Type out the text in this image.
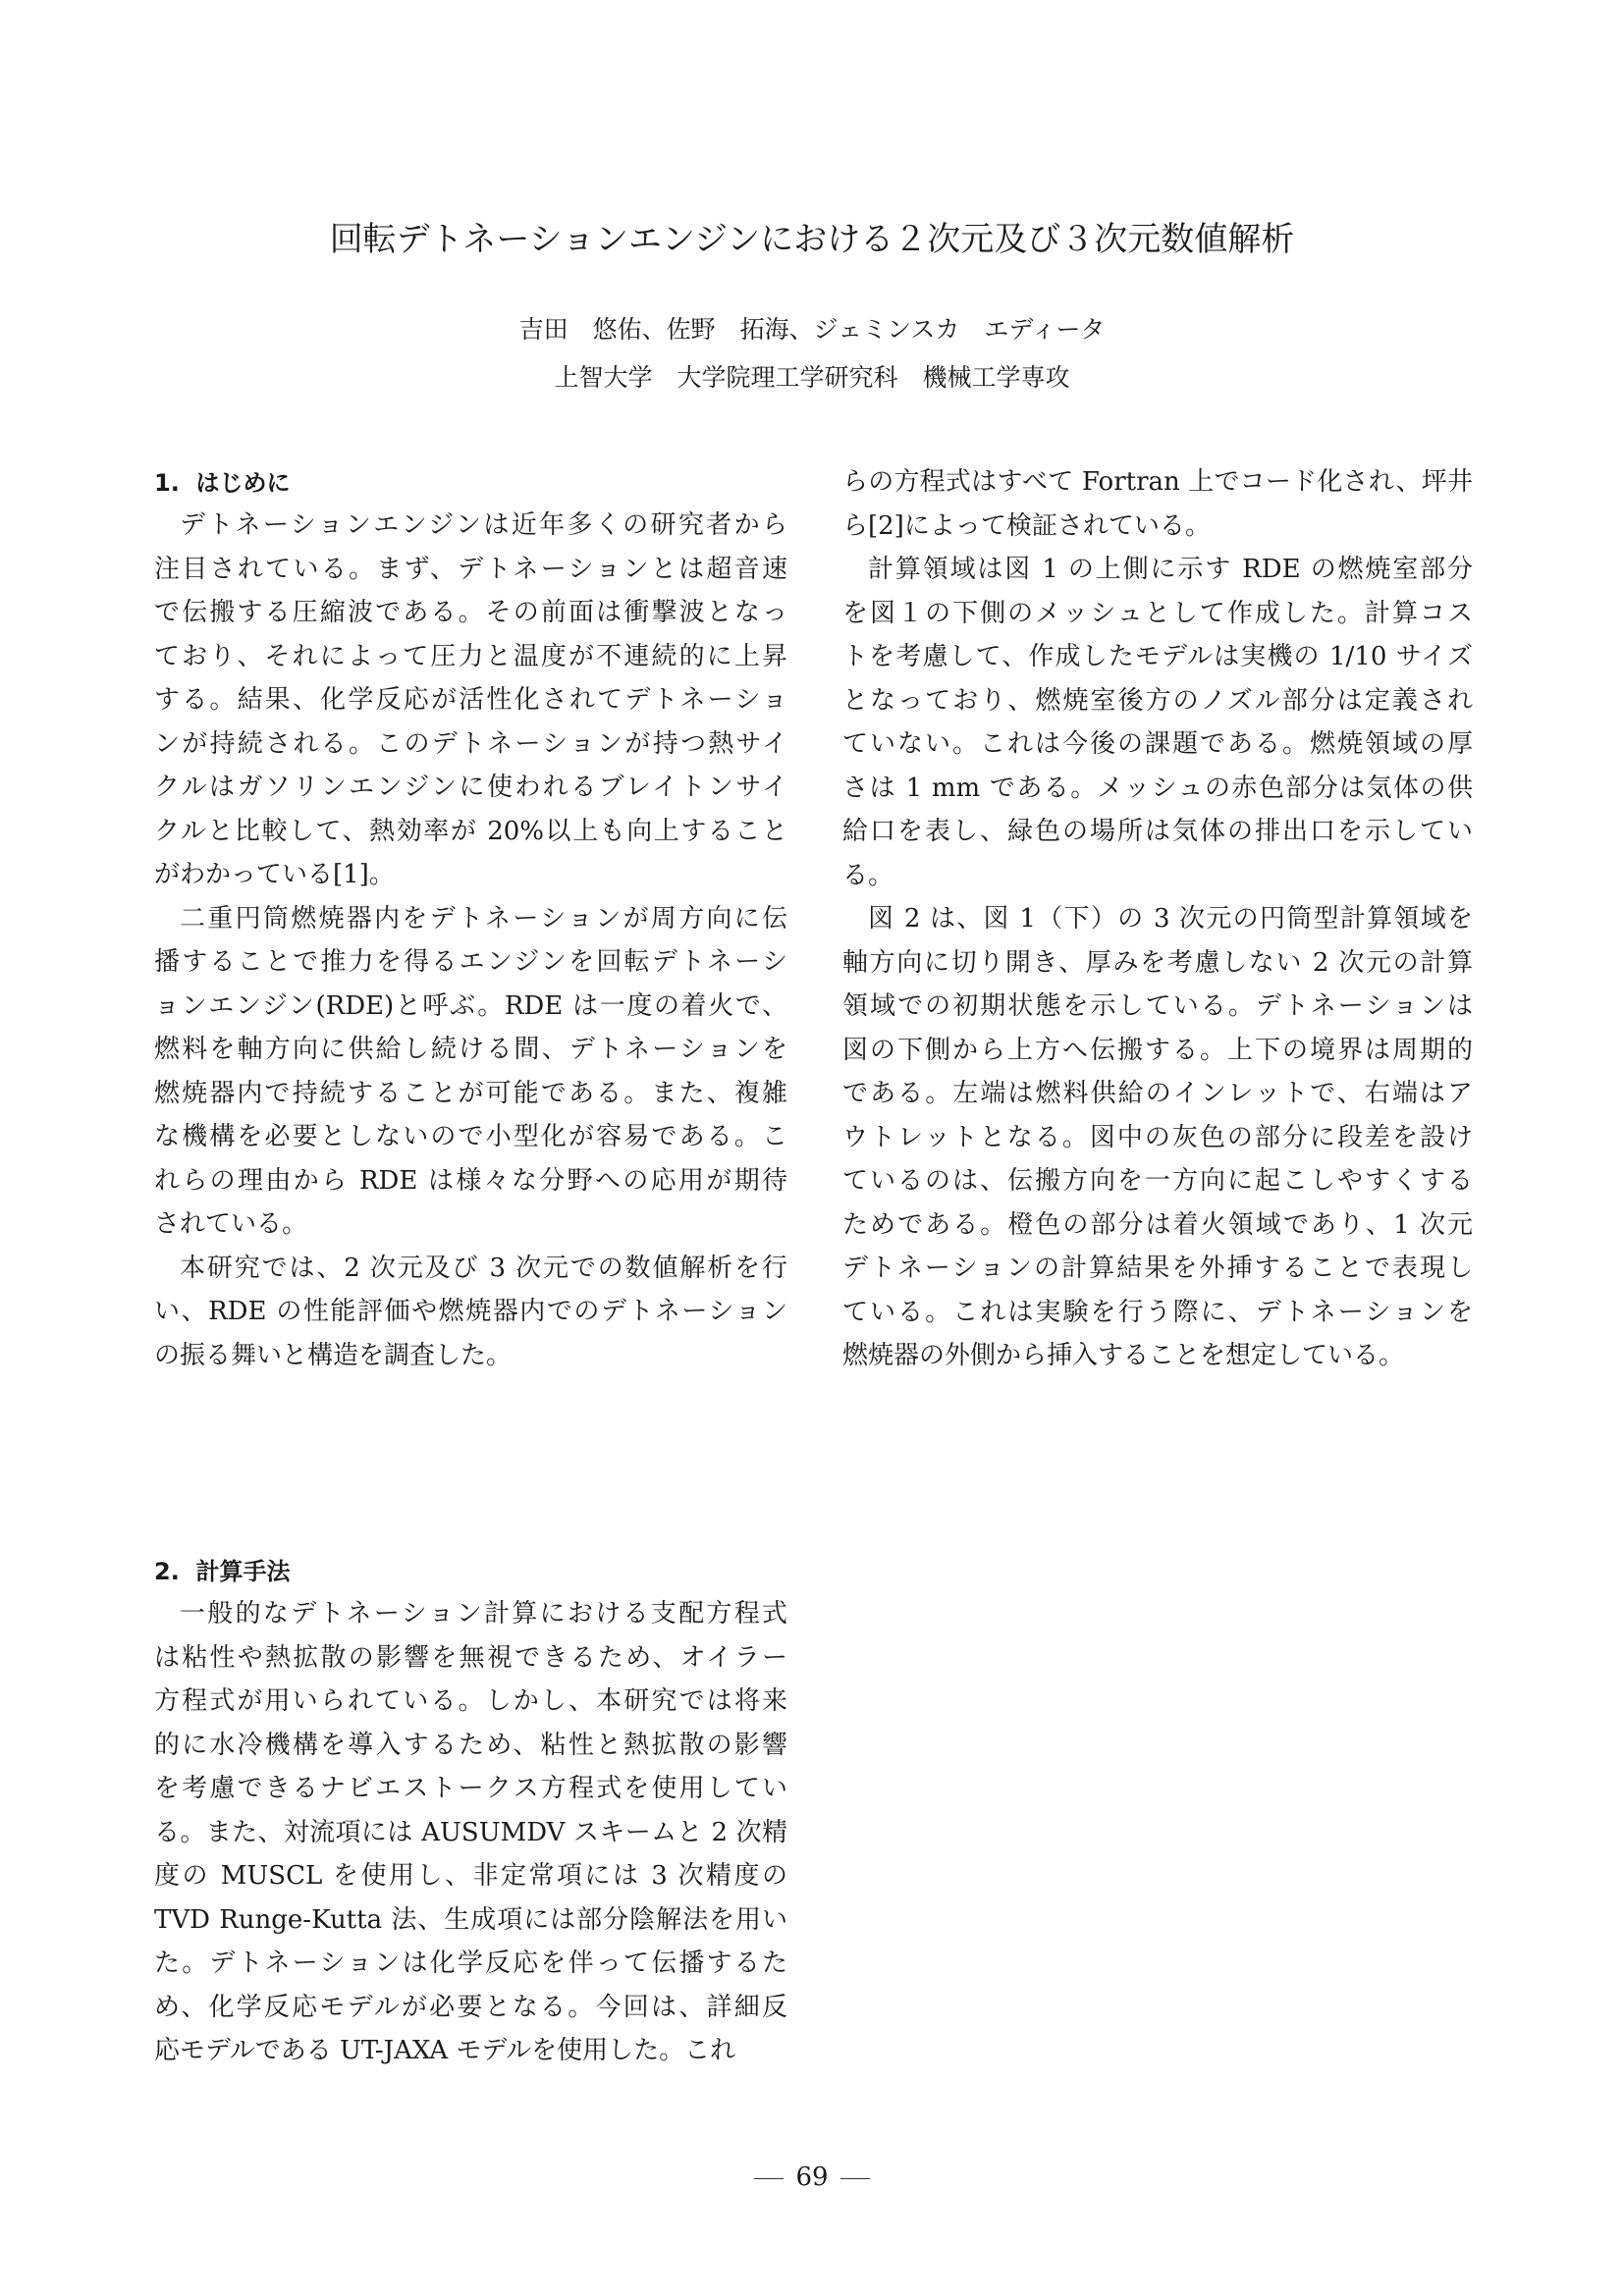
回転デトネーションエンジンにおける２次元及び３次元数値解析
吉田　悠佑、佐野　拓海、ジェミンスカ　エディータ
上智大学　大学院理工学研究科　機械工学専攻
1.  はじめに
デトネーションエンジンは近年多くの研究者から
注目されている。まず、デトネーションとは超音速
で伝搬する圧縮波である。その前面は衝撃波となっ
ており、それによって圧力と温度が不連続的に上昇
する。結果、化学反応が活性化されてデトネーショ
ンが持続される。このデトネーションが持つ熱サイ
クルはガソリンエンジンに使われるブレイトンサイ
クルと比較して、熱効率が 20%以上も向上すること
がわかっている[1]。
二重円筒燃焼器内をデトネーションが周方向に伝
播することで推力を得るエンジンを回転デトネーシ
ョンエンジン(RDE)と呼ぶ。RDE は一度の着火で、
燃料を軸方向に供給し続ける間、デトネーションを
燃焼器内で持続することが可能である。また、複雑
な機構を必要としないので小型化が容易である。こ
れらの理由から RDE は様々な分野への応用が期待
されている。
本研究では、2 次元及び 3 次元での数値解析を行
い、RDE の性能評価や燃焼器内でのデトネーション
の振る舞いと構造を調査した。
2.  計算手法
一般的なデトネーション計算における支配方程式
は粘性や熱拡散の影響を無視できるため、オイラー
方程式が用いられている。しかし、本研究では将来
的に水冷機構を導入するため、粘性と熱拡散の影響
を考慮できるナビエストークス方程式を使用してい
る。また、対流項には AUSUMDV スキームと 2 次精
度の MUSCL を使用し、非定常項には 3 次精度の
TVD Runge-Kutta 法、生成項には部分陰解法を用い
た。デトネーションは化学反応を伴って伝播するた
め、化学反応モデルが必要となる。今回は、詳細反
応モデルである UT-JAXA モデルを使用した。これ
らの方程式はすべて Fortran 上でコード化され、坪井
ら[2]によって検証されている。
計算領域は図 1 の上側に示す RDE の燃焼室部分
を図１の下側のメッシュとして作成した。計算コス
トを考慮して、作成したモデルは実機の 1/10 サイズ
となっており、燃焼室後方のノズル部分は定義され
ていない。これは今後の課題である。燃焼領域の厚
さは 1 mm である。メッシュの赤色部分は気体の供
給口を表し、緑色の場所は気体の排出口を示してい
る。
図 2 は、図 1（下）の 3 次元の円筒型計算領域を
軸方向に切り開き、厚みを考慮しない 2 次元の計算
領域での初期状態を示している。デトネーションは
図の下側から上方へ伝搬する。上下の境界は周期的
である。左端は燃料供給のインレットで、右端はア
ウトレットとなる。図中の灰色の部分に段差を設け
ているのは、伝搬方向を一方向に起こしやすくする
ためである。橙色の部分は着火領域であり、1 次元
デトネーションの計算結果を外挿することで表現し
ている。これは実験を行う際に、デトネーションを
燃焼器の外側から挿入することを想定している。
69
